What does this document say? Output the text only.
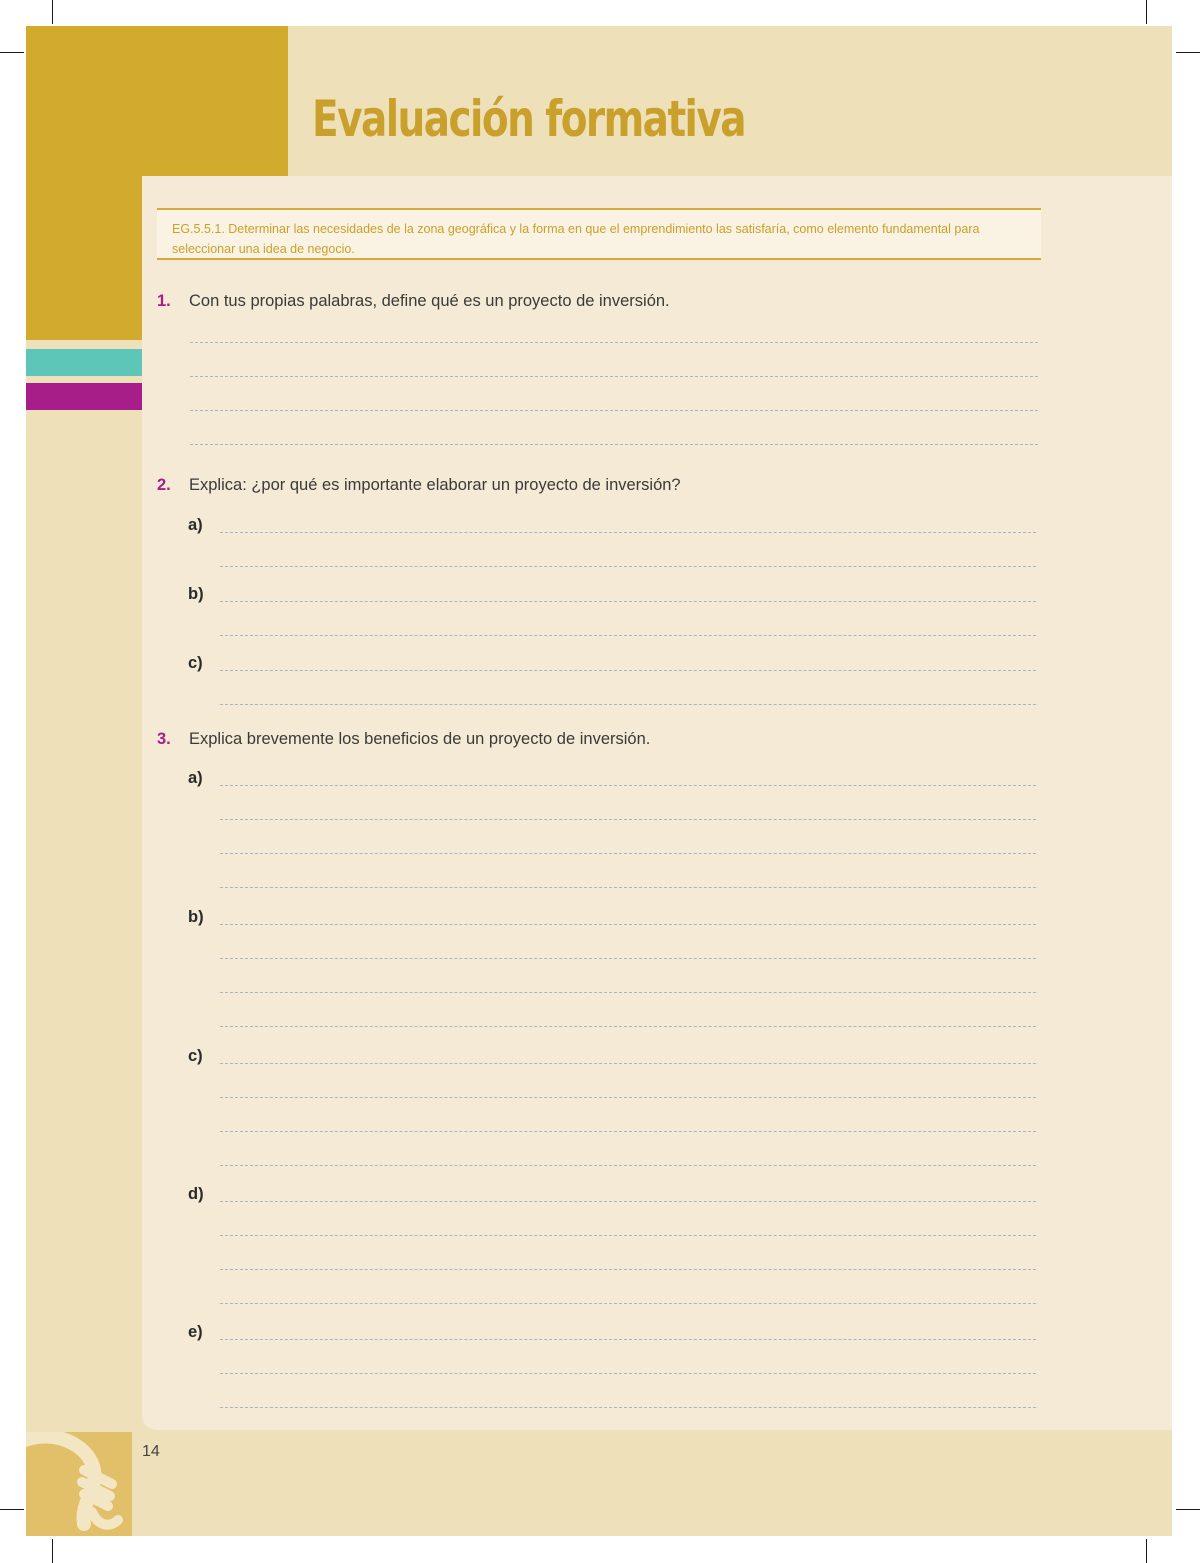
Evaluación formativa
EG.5.5.1. Determinar las necesidades de la zona geográfica y la forma en que el emprendimiento las satisfaría, como elemento fundamental para seleccionar una idea de negocio.
1. Con tus propias palabras, define qué es un proyecto de inversión.
2. Explica: ¿por qué es importante elaborar un proyecto de inversión?
a)
b)
c)
3. Explica brevemente los beneficios de un proyecto de inversión.
a)
b)
c)
d)
e)
14
